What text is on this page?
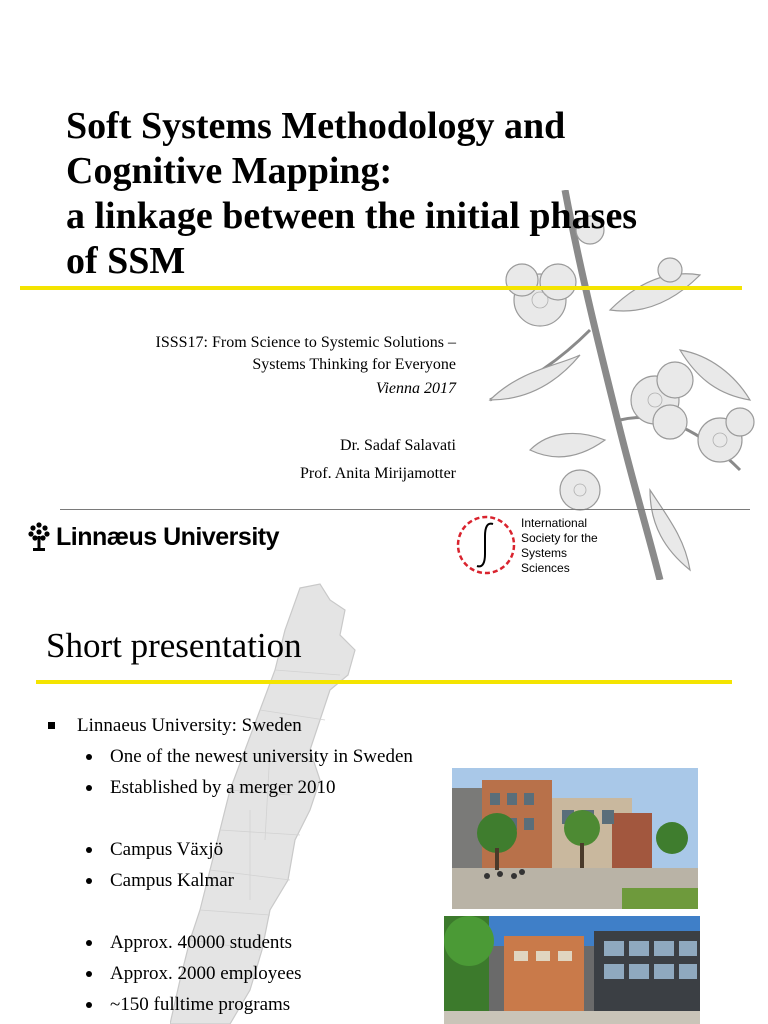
Soft Systems Methodology and
Cognitive Mapping:
a linkage between the initial phases
of SSM
ISSS17: From Science to Systemic Solutions –
Systems Thinking for Everyone
Vienna 2017
Dr. Sadaf Salavati
Prof. Anita Mirijamotter
Linnæus University	International
Society for the
Systems
Sciences
Short presentation
Linnaeus University: Sweden
One of the newest university in Sweden
Established by a merger 2010
Campus Växjö
Campus Kalmar
Approx. 40000 students
Approx. 2000 employees
~150 fulltime programs
